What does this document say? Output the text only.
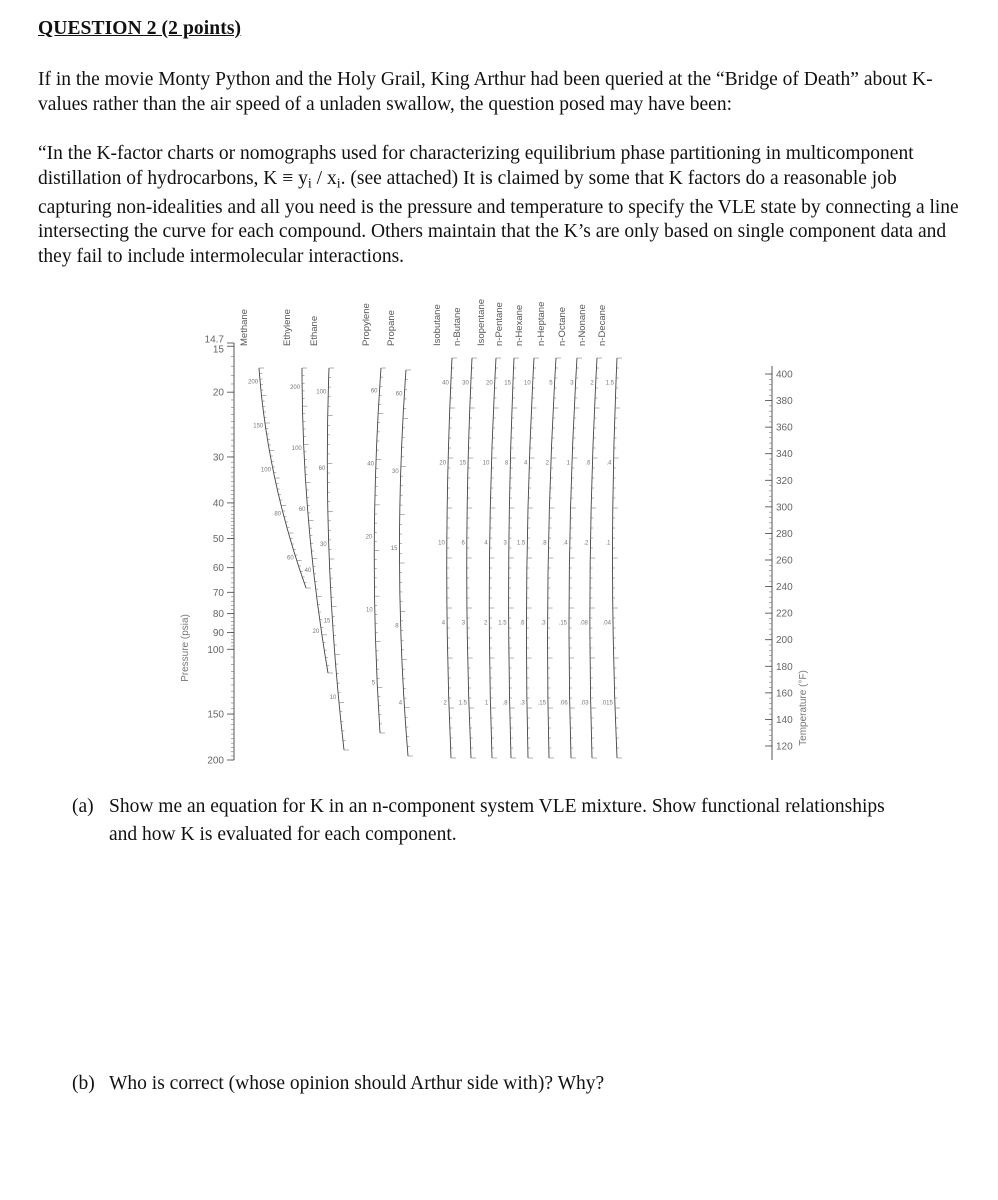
QUESTION 2 (2 points)

If in the movie Monty Python and the Holy Grail, King Arthur had been queried at the “Bridge of Death” about K-values rather than the air speed of a unladen swallow, the question posed may have been:

“In the K-factor charts or nomographs used for characterizing equilibrium phase partitioning in multicomponent distillation of hydrocarbons, $K \equiv y_i / x_i$. (see attached) It is claimed by some that K factors do a reasonable job capturing non-idealities and all you need is the pressure and temperature to specify the VLE state by connecting a line intersecting the curve for each compound. Others maintain that the K’s are only based on single component data and they fail to include intermolecular interactions.

14.7
15
20
30
40
50
60
70
80
90
100
150
200
Pressure (psia)
400
380
360
340
320
300
280
260
240
220
200
180
160
140
120
Temperature (°F)
200
150
100
80
60
Methane
200
100
60
40
20
Ethylene
100
60
30
15
10
Ethane
60
40
20
10
5
Propylene
60
30
15
8
4
Propane
40
20
10
4
2
Isobutane
30
15
6
3
1.5
n-Butane
20
10
4
2
1
Isopentane
15
8
3
1.5
.8
n-Pentane
10
4
1.5
.6
.3
n-Hexane
5
2
.8
.3
.15
n-Heptane
3
1
.4
.15
.06
n-Octane
2
.6
.2
.08
.03
n-Nonane
1.5
.4
.1
.04
.015
n-Decane
(a) Show me an equation for K in an n-component system VLE mixture. Show functional relationships and how K is evaluated for each component.
(b) Who is correct (whose opinion should Arthur side with)? Why?
